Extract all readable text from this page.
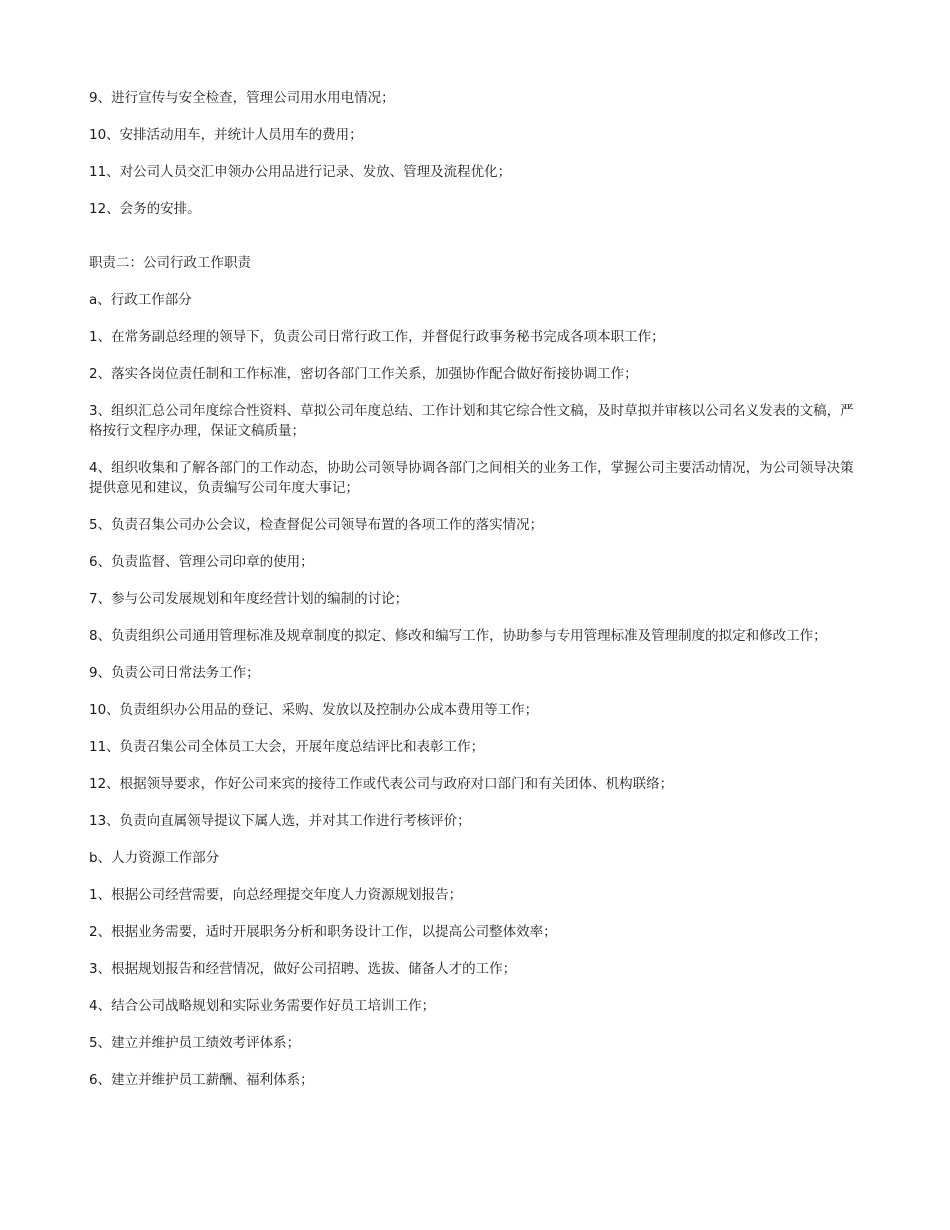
9、进行宣传与安全检查，管理公司用水用电情况；

10、安排活动用车，并统计人员用车的费用；

11、对公司人员交汇申领办公用品进行记录、发放、管理及流程优化；

12、会务的安排。

职责二：公司行政工作职责

a、行政工作部分

1、在常务副总经理的领导下，负责公司日常行政工作，并督促行政事务秘书完成各项本职工作；

2、落实各岗位责任制和工作标准，密切各部门工作关系，加强协作配合做好衔接协调工作；

3、组织汇总公司年度综合性资料、草拟公司年度总结、工作计划和其它综合性文稿，及时草拟并审核以公司名义发表的文稿，严格按行文程序办理，保证文稿质量；

4、组织收集和了解各部门的工作动态，协助公司领导协调各部门之间相关的业务工作，掌握公司主要活动情况，为公司领导决策提供意见和建议，负责编写公司年度大事记；

5、负责召集公司办公会议，检查督促公司领导布置的各项工作的落实情况；

6、负责监督、管理公司印章的使用；

7、参与公司发展规划和年度经营计划的编制的讨论；

8、负责组织公司通用管理标准及规章制度的拟定、修改和编写工作，协助参与专用管理标准及管理制度的拟定和修改工作；

9、负责公司日常法务工作；

10、负责组织办公用品的登记、采购、发放以及控制办公成本费用等工作；

11、负责召集公司全体员工大会，开展年度总结评比和表彰工作；

12、根据领导要求，作好公司来宾的接待工作或代表公司与政府对口部门和有关团体、机构联络；

13、负责向直属领导提议下属人选，并对其工作进行考核评价；

b、人力资源工作部分

1、根据公司经营需要，向总经理提交年度人力资源规划报告；

2、根据业务需要，适时开展职务分析和职务设计工作，以提高公司整体效率；

3、根据规划报告和经营情况，做好公司招聘、选拔、储备人才的工作；

4、结合公司战略规划和实际业务需要作好员工培训工作；

5、建立并维护员工绩效考评体系；

6、建立并维护员工薪酬、福利体系；
